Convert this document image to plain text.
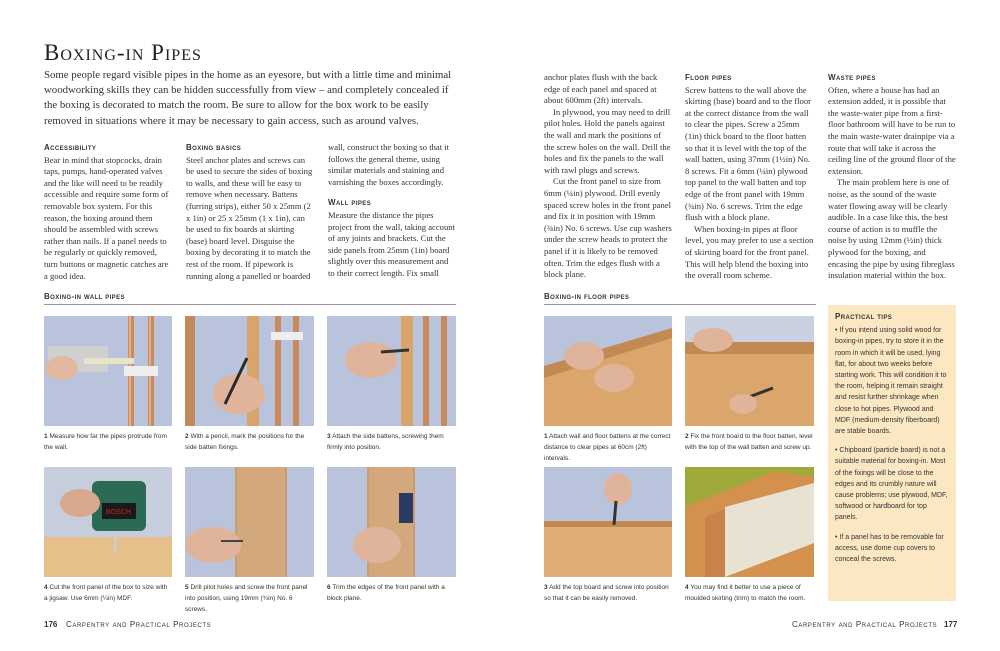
Boxing-in Pipes
Some people regard visible pipes in the home as an eyesore, but with a little time and minimal woodworking skills they can be hidden successfully from view – and completely concealed if the boxing is decorated to match the room. Be sure to allow for the box work to be easily removed in situations where it may be necessary to gain access, such as around valves.
Accessibility

Bear in mind that stopcocks, drain taps, pumps, hand-operated valves and the like will need to be readily accessible and require some form of removable box system. For this reason, the boxing around them should be assembled with screws rather than nails. If a panel needs to be regularly or quickly removed, turn buttons or magnetic catches are a good idea.

Boxing basics

Steel anchor plates and screws can be used to secure the sides of boxing to walls, and these will be easy to remove when necessary. Battens (furring strips), either 50 x 25mm (2 x 1in) or 25 x 25mm (1 x 1in), can be used to fix boards at skirting (base) board level. Disguise the boxing by decorating it to match the rest of the room. If pipework is running along a panelled or boarded

wall, construct the boxing so that it follows the general theme, using similar materials and staining and varnishing the boxes accordingly.

Wall pipes

Measure the distance the pipes project from the wall, taking account of any joints and brackets. Cut the side panels from 25mm (1in) board slightly over this measurement and to their correct length. Fix small

anchor plates flush with the back edge of each panel and spaced at about 600mm (2ft) intervals.

In plywood, you may need to drill pilot holes. Hold the panels against the wall and mark the positions of the screw holes on the wall. Drill the holes and fix the panels to the wall with rawl plugs and screws.

Cut the front panel to size from 6mm (¼in) plywood. Drill evenly spaced screw holes in the front panel and fix it in position with 19mm (¾in) No. 6 screws. Use cup washers under the screw heads to protect the panel if it is likely to be removed often. Trim the edges flush with a block plane.

Floor pipes

Screw battens to the wall above the skirting (base) board and to the floor at the correct distance from the wall to clear the pipes. Screw a 25mm (1in) thick board to the floor batten so that it is level with the top of the wall batten, using 37mm (1½in) No. 8 screws. Fit a 6mm (¼in) plywood top panel to the wall batten and top edge of the front panel with 19mm (¾in) No. 6 screws. Trim the edge flush with a block plane.

When boxing-in pipes at floor level, you may prefer to use a section of skirting board for the front panel. This will help blend the boxing into the overall room scheme.

Waste pipes

Often, where a house has had an extension added, it is possible that the waste-water pipe from a first-floor bathroom will have to be run to the main waste-water drainpipe via a route that will take it across the ceiling line of the ground floor of the extension.

The main problem here is one of noise, as the sound of the waste water flowing away will be clearly audible. In a case like this, the best course of action is to muffle the noise by using 12mm (½in) thick plywood for the boxing, and encasing the pipe by using fibreglass insulation material within the box.

Boxing-in wall pipes	Boxing-in floor pipes
1 Measure how far the pipes protrude from the wall.
2 With a pencil, mark the positions for the side batten fixings.
3 Attach the side battens, screwing them firmly into position.
BOSCH
4 Cut the front panel of the box to size with a jigsaw. Use 6mm (¼in) MDF.
5 Drill pilot holes and screw the front panel into position, using 19mm (¾in) No. 6 screws.
6 Trim the edges of the front panel with a block plane.
1 Attach wall and floor battens at the correct distance to clear pipes at 60cm (2ft) intervals.
2 Fix the front board to the floor batten, level with the top of the wall batten and screw up.
3 Add the top board and screw into position so that it can be easily removed.
4 You may find it better to use a piece of moulded skirting (trim) to match the room.
Practical tips

• If you intend using solid wood for boxing-in pipes, try to store it in the room in which it will be used, lying flat, for about two weeks before starting work. This will condition it to the room, helping it remain straight and resist further shrinkage when close to hot pipes. Plywood and MDF (medium-density fiberboard) are stable boards.

• Chipboard (particle board) is not a suitable material for boxing-in. Most of the fixings will be close to the edges and its crumbly nature will cause problems; use plywood, MDF, softwood or hardboard for top panels.

• If a panel has to be removable for access, use dome cup covers to conceal the screws.

176 Carpentry and Practical Projects	Carpentry and Practical Projects 177
